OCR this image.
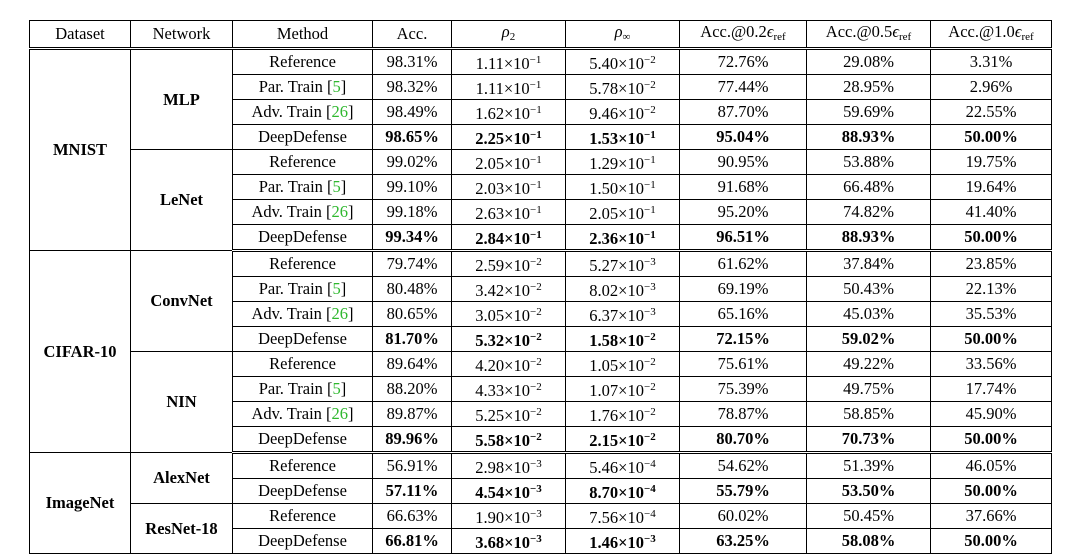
Dataset	Network	Method	Acc.	$\rho_2$	$\rho_\infty$	$Acc.@0.2\epsilon_{ref}$	$Acc.@0.5\epsilon_{ref}$	$Acc.@1.0\epsilon_{ref}$
MNIST	MLP	Reference	98.31%	$1.11\times 10^{-1}$	$5.40\times 10^{-2}$	72.76%	29.08%	3.31%
		Par. Train [5]	98.32%	$1.11\times 10^{-1}$	$5.78\times 10^{-2}$	77.44%	28.95%	2.96%
		Adv. Train [26]	98.49%	$1.62\times 10^{-1}$	$9.46\times 10^{-2}$	87.70%	59.69%	22.55%
		DeepDefense	98.65%	$2.25\times 10^{-1}$	$1.53\times 10^{-1}$	95.04%	88.93%	50.00%
	LeNet	Reference	99.02%	$2.05\times 10^{-1}$	$1.29\times 10^{-1}$	90.95%	53.88%	19.75%
		Par. Train [5]	99.10%	$2.03\times 10^{-1}$	$1.50\times 10^{-1}$	91.68%	66.48%	19.64%
		Adv. Train [26]	99.18%	$2.63\times 10^{-1}$	$2.05\times 10^{-1}$	95.20%	74.82%	41.40%
		DeepDefense	99.34%	$2.84\times 10^{-1}$	$2.36\times 10^{-1}$	96.51%	88.93%	50.00%
CIFAR-10	ConvNet	Reference	79.74%	$2.59\times 10^{-2}$	$5.27\times 10^{-3}$	61.62%	37.84%	23.85%
		Par. Train [5]	80.48%	$3.42\times 10^{-2}$	$8.02\times 10^{-3}$	69.19%	50.43%	22.13%
		Adv. Train [26]	80.65%	$3.05\times 10^{-2}$	$6.37\times 10^{-3}$	65.16%	45.03%	35.53%
		DeepDefense	81.70%	$5.32\times 10^{-2}$	$1.58\times 10^{-2}$	72.15%	59.02%	50.00%
	NIN	Reference	89.64%	$4.20\times 10^{-2}$	$1.05\times 10^{-2}$	75.61%	49.22%	33.56%
		Par. Train [5]	88.20%	$4.33\times 10^{-2}$	$1.07\times 10^{-2}$	75.39%	49.75%	17.74%
		Adv. Train [26]	89.87%	$5.25\times 10^{-2}$	$1.76\times 10^{-2}$	78.87%	58.85%	45.90%
		DeepDefense	89.96%	$5.58\times 10^{-2}$	$2.15\times 10^{-2}$	80.70%	70.73%	50.00%
ImageNet	AlexNet	Reference	56.91%	$2.98\times 10^{-3}$	$5.46\times 10^{-4}$	54.62%	51.39%	46.05%
		DeepDefense	57.11%	$4.54\times 10^{-3}$	$8.70\times 10^{-4}$	55.79%	53.50%	50.00%
	ResNet-18	Reference	66.63%	$1.90\times 10^{-3}$	$7.56\times 10^{-4}$	60.02%	50.45%	37.66%
		DeepDefense	66.81%	$3.68\times 10^{-3}$	$1.46\times 10^{-3}$	63.25%	58.08%	50.00%
